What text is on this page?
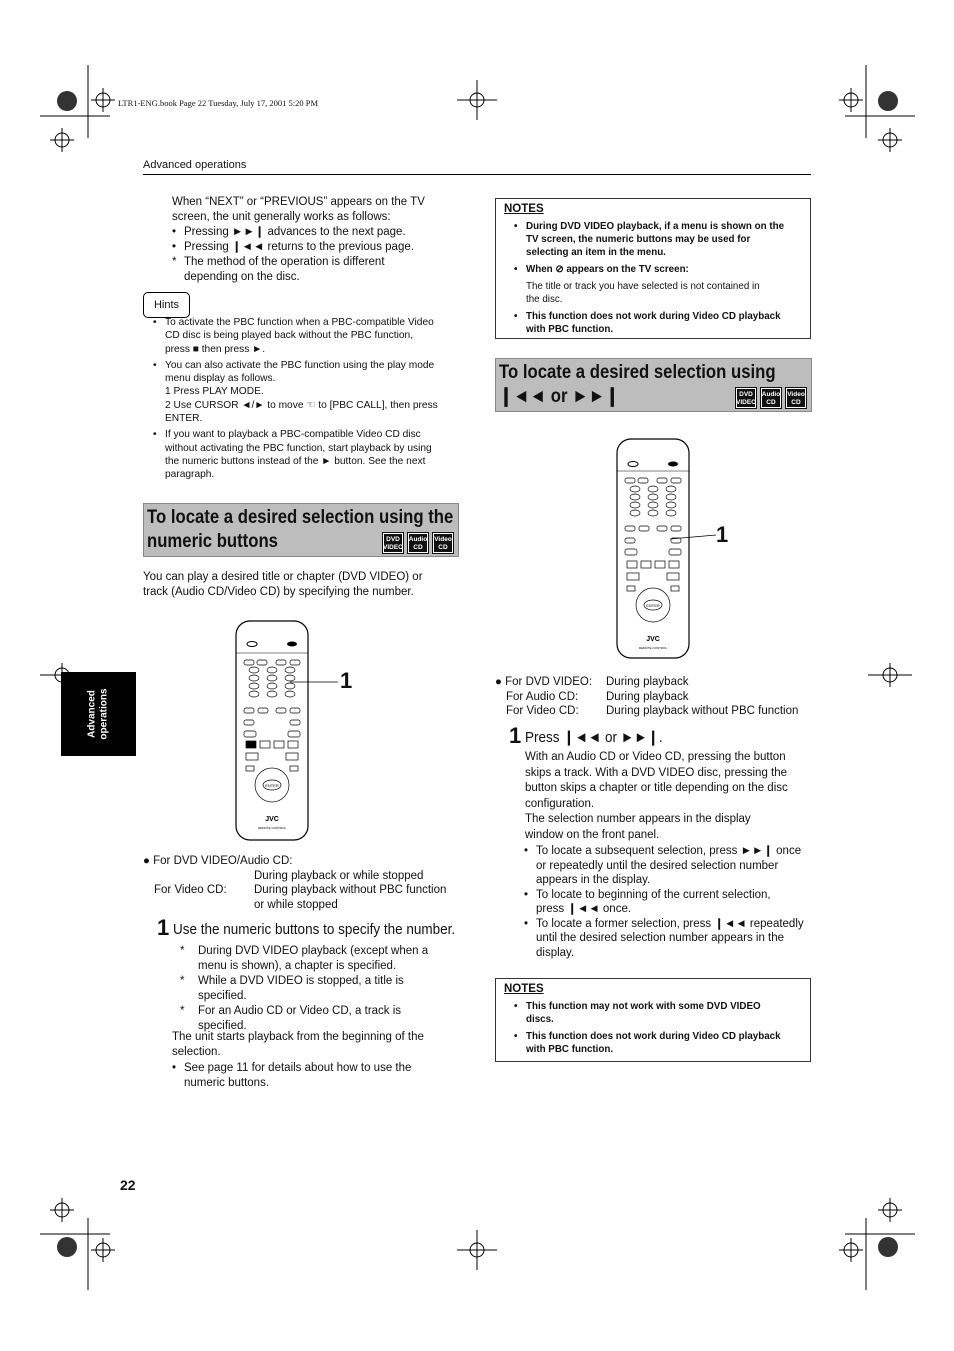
LTR1-ENG.book Page 22 Tuesday, July 17, 2001 5:20 PM
Advanced operations
Advanced operations
When “NEXT” or “PREVIOUS” appears on the TV
screen, the unit generally works as follows:
• Pressing ►►❙ advances to the next page.
• Pressing ❙◄◄ returns to the previous page.
* The method of the operation is different
depending on the disc.
Hints
• To activate the PBC function when a PBC-compatible Video
CD disc is being played back without the PBC function,
press ■ then press ►.
• You can also activate the PBC function using the play mode
menu display as follows.
1 Press PLAY MODE.
2 Use CURSOR ◄/► to move ☜ to [PBC CALL], then press
ENTER.
• If you want to playback a PBC-compatible Video CD disc
without activating the PBC function, start playback by using
the numeric buttons instead of the ► button. See the next
paragraph.
To locate a desired selection using the
numeric buttons	DVD
VIDEOAudio
CDVideo
CD
You can play a desired title or chapter (DVD VIDEO) or
track (Audio CD/Video CD) by specifying the number.
ENTER
JVC
REMOTE CONTROL
1
● For DVD VIDEO/Audio CD:
During playback or while stopped
For Video CD: During playback without PBC function
or while stopped
1 Use the numeric buttons to specify the number.
* During DVD VIDEO playback (except when a
menu is shown), a chapter is specified.
* While a DVD VIDEO is stopped, a title is
specified.
* For an Audio CD or Video CD, a track is
specified.
The unit starts playback from the beginning of the
selection.
• See page 11 for details about how to use the
numeric buttons.
NOTES
• During DVD VIDEO playback, if a menu is shown on the
TV screen, the numeric buttons may be used for
selecting an item in the menu.
• When ⊘ appears on the TV screen:
The title or track you have selected is not contained in
the disc.
• This function does not work during Video CD playback
with PBC function.
To locate a desired selection using
❙◄◄ or ►►❙	DVD
VIDEOAudio
CDVideo
CD
ENTER
JVC
REMOTE CONTROL
1
● For DVD VIDEO: During playback
For Audio CD: During playback
For Video CD: During playback without PBC function
1 Press ❙◄◄ or ►►❙.
With an Audio CD or Video CD, pressing the button
skips a track. With a DVD VIDEO disc, pressing the
button skips a chapter or title depending on the disc
configuration.
The selection number appears in the display
window on the front panel.
• To locate a subsequent selection, press ►►❙ once
or repeatedly until the desired selection number
appears in the display.
• To locate to beginning of the current selection,
press ❙◄◄ once.
• To locate a former selection, press ❙◄◄ repeatedly
until the desired selection number appears in the
display.
NOTES
• This function may not work with some DVD VIDEO
discs.
• This function does not work during Video CD playback
with PBC function.
22
